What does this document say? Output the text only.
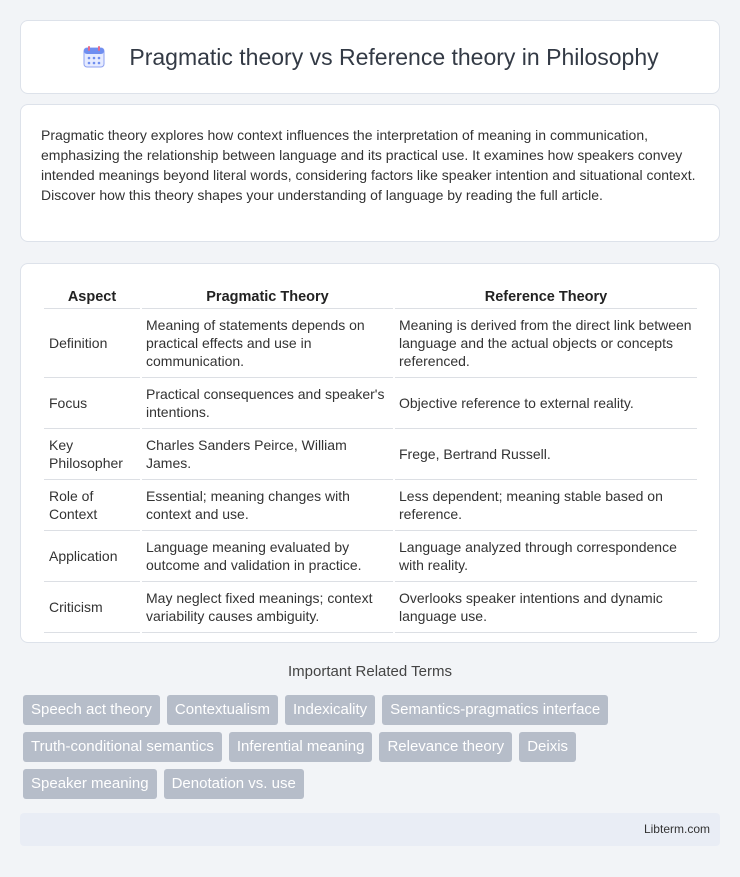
Pragmatic theory vs Reference theory in Philosophy

Pragmatic theory explores how context influences the interpretation of meaning in communication, emphasizing the relationship between language and its practical use. It examines how speakers convey intended meanings beyond literal words, considering factors like speaker intention and situational context. Discover how this theory shapes your understanding of language by reading the full article.

Aspect	Pragmatic Theory	Reference Theory
Definition	Meaning of statements depends on practical effects and use in communication.	Meaning is derived from the direct link between language and the actual objects or concepts referenced.
Focus	Practical consequences and speaker's intentions.	Objective reference to external reality.
Key Philosopher	Charles Sanders Peirce, William James.	Frege, Bertrand Russell.
Role of Context	Essential; meaning changes with context and use.	Less dependent; meaning stable based on reference.
Application	Language meaning evaluated by outcome and validation in practice.	Language analyzed through correspondence with reality.
Criticism	May neglect fixed meanings; context variability causes ambiguity.	Overlooks speaker intentions and dynamic language use.
Important Related Terms
Speech act theory	Contextualism	Indexicality	Semantics-pragmatics interface
Truth-conditional semantics	Inferential meaning	Relevance theory	Deixis
Speaker meaning	Denotation vs. use
Libterm.com
